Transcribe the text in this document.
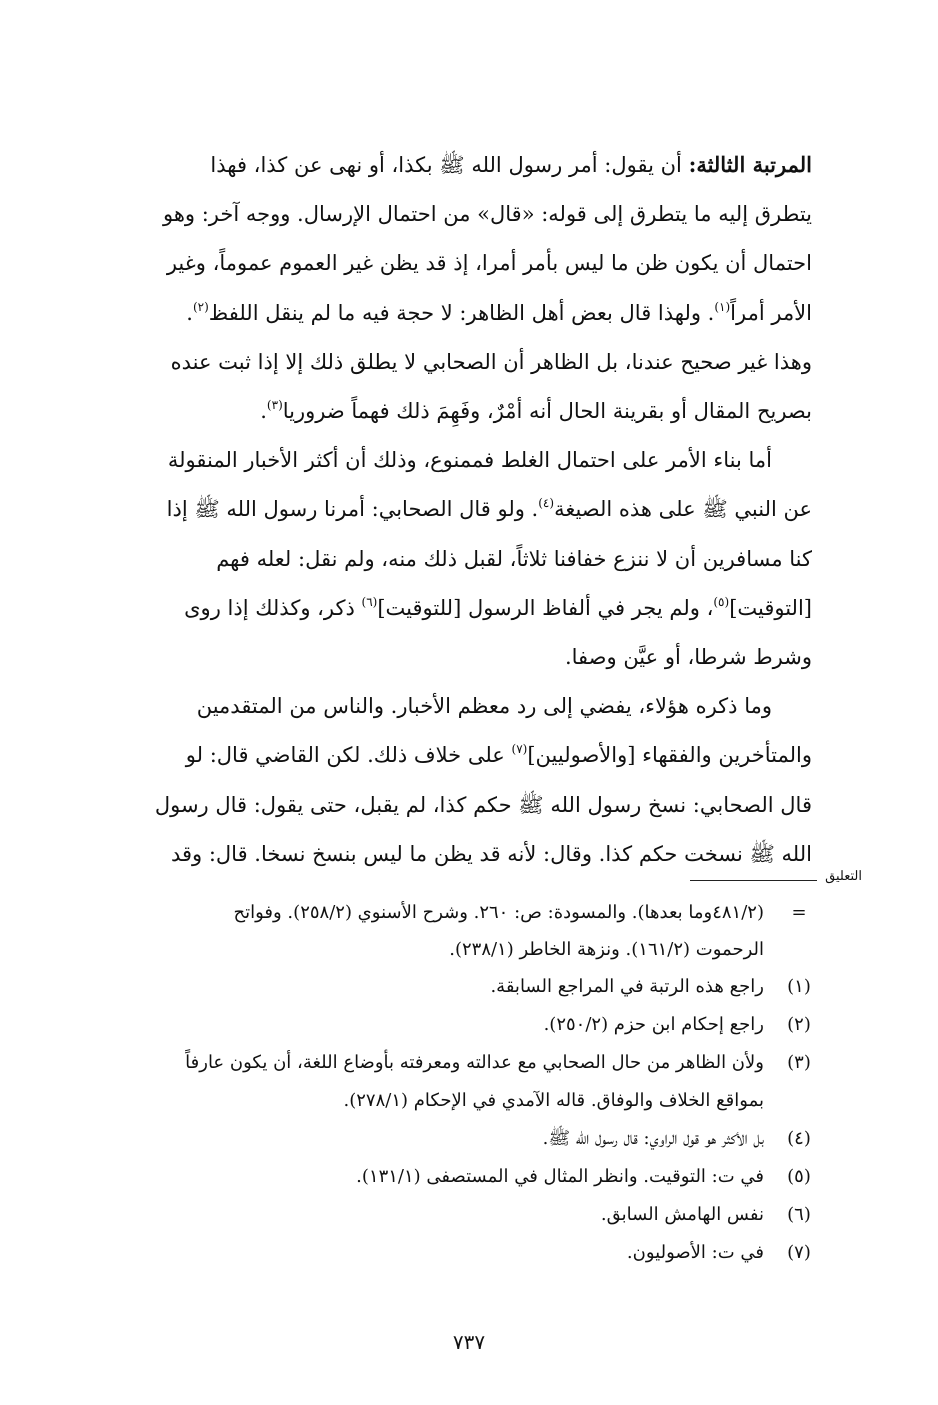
المرتبة الثالثة: أن يقول: أمر رسول الله ﷺ بكذا، أو نهى عن كذا، فهذا
يتطرق إليه ما يتطرق إلى قوله: «قال» من احتمال الإرسال. ووجه آخر: وهو
احتمال أن يكون ظن ما ليس بأمر أمرا، إذ قد يظن غير العموم عموماً، وغير
الأمر أمراً$^{(١)}$. ولهذا قال بعض أهل الظاهر: لا حجة فيه ما لم ينقل اللفظ$^{(٢)}$.
وهذا غير صحيح عندنا، بل الظاهر أن الصحابي لا يطلق ذلك إلا إذا ثبت عنده
بصريح المقال أو بقرينة الحال أنه أمْرٌ، وفَهِمَ ذلك فهماً ضروريا$^{(٣)}$.
أما بناء الأمر على احتمال الغلط فممنوع، وذلك أن أكثر الأخبار المنقولة
عن النبي ﷺ على هذه الصيغة$^{(٤)}$. ولو قال الصحابي: أمرنا رسول الله ﷺ إذا
كنا مسافرين أن لا ننزع خفافنا ثلاثاً، لقبل ذلك منه، ولم نقل: لعله فهم
[التوقيت]$^{(٥)}$، ولم يجر في ألفاظ الرسول [للتوقيت]$^{(٦)}$ ذكر، وكذلك إذا روى
وشرط شرطا، أو عيَّن وصفا.
وما ذكره هؤلاء، يفضي إلى رد معظم الأخبار. والناس من المتقدمين
والمتأخرين والفقهاء [والأصوليين]$^{(٧)}$ على خلاف ذلك. لكن القاضي قال: لو
قال الصحابي: نسخ رسول الله ﷺ حكم كذا، لم يقبل، حتى يقول: قال رسول
الله ﷺ نسخت حكم كذا. وقال: لأنه قد يظن ما ليس بنسخ نسخا. قال: وقد
التعليق
=
(٤٨١/٢وما بعدها). والمسودة: ص: ٢٦٠. وشرح الأسنوي (٢٥٨/٢). وفواتح
الرحموت (١٦١/٢). ونزهة الخاطر (٢٣٨/١).
(١)
راجع هذه الرتبة في المراجع السابقة.
(٢)
راجع إحكام ابن حزم (٢٥٠/٢).
(٣)
ولأن الظاهر من حال الصحابي مع عدالته ومعرفته بأوضاع اللغة، أن يكون عارفاً
بمواقع الخلاف والوفاق. قاله الآمدي في الإحكام (٢٧٨/١).
(٤)
بل الأكثر هو قول الراوي: قال رسول الله ﷺ.
(٥)
في ت: التوقيت. وانظر المثال في المستصفى (١٣١/١).
(٦)
نفس الهامش السابق.
(٧)
في ت: الأصوليون.
٧٣٧
